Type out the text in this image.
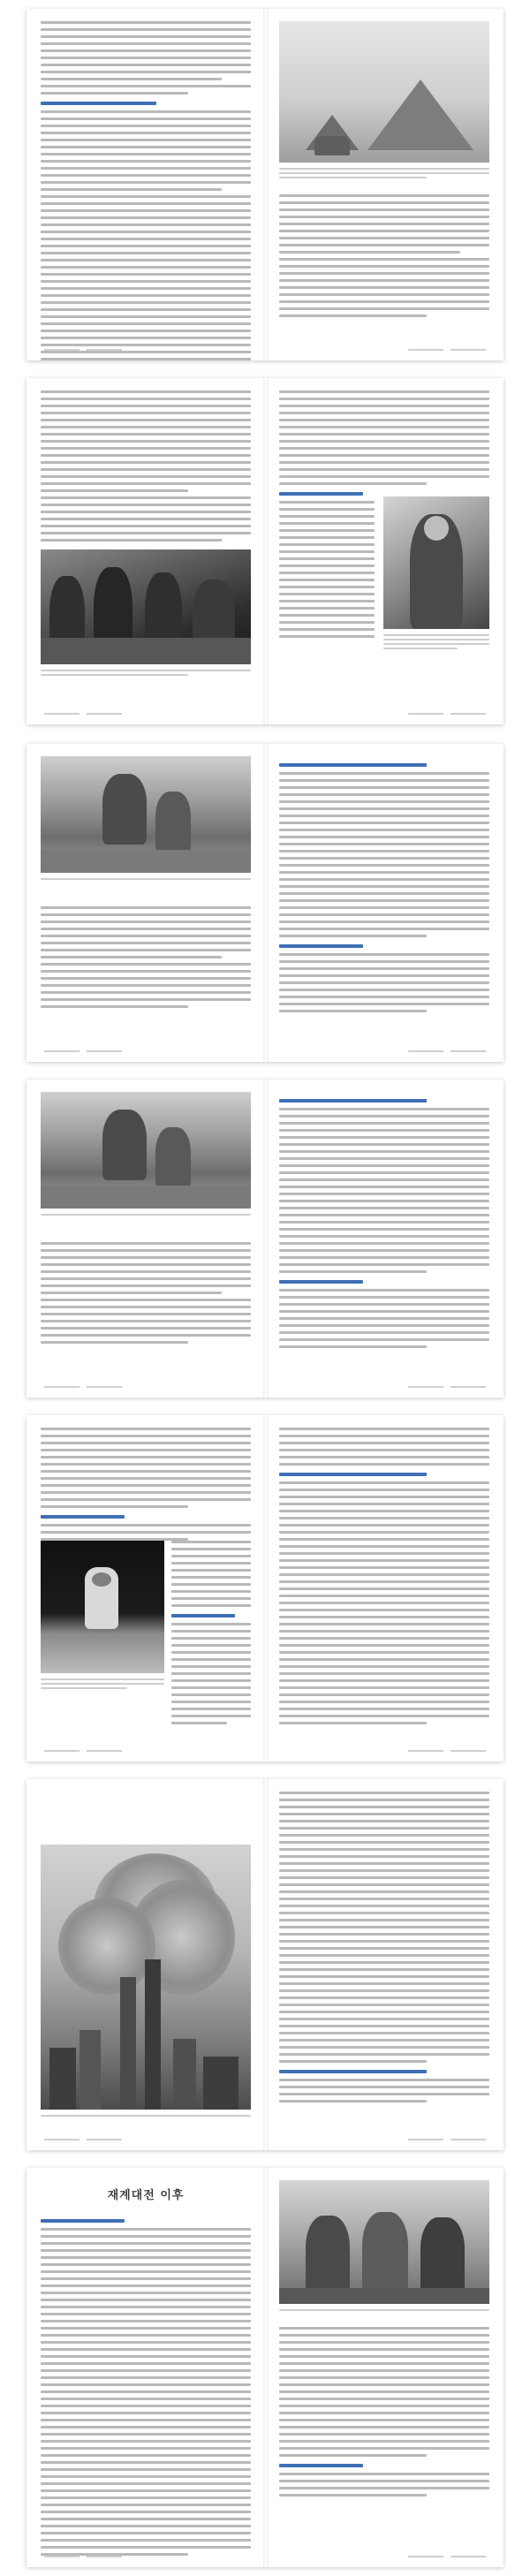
재계대전 이후
